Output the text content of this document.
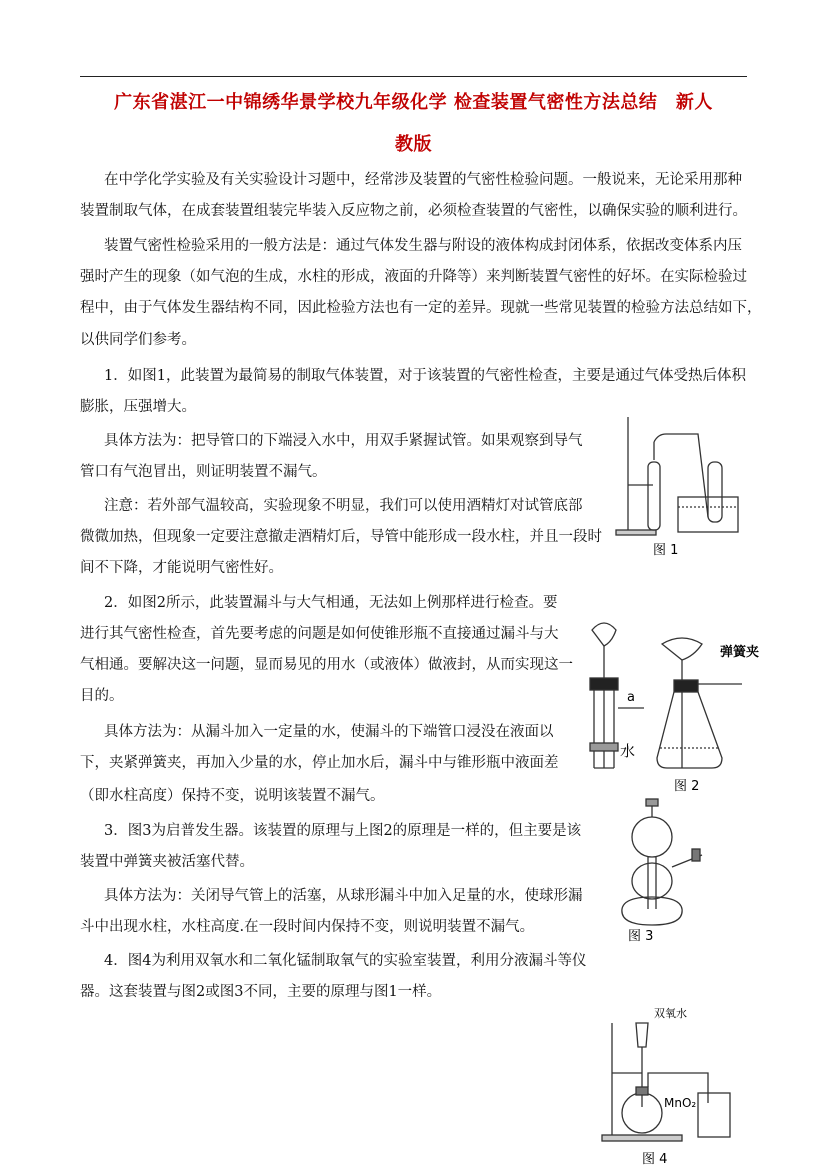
广东省湛江一中锦绣华景学校九年级化学 检查装置气密性方法总结　新人
教版

在中学化学实验及有关实验设计习题中，经常涉及装置的气密性检验问题。一般说来，无论采用那种

装置制取气体，在成套装置组装完毕装入反应物之前，必须检查装置的气密性，以确保实验的顺利进行。

装置气密性检验采用的一般方法是：通过气体发生器与附设的液体构成封闭体系，依据改变体系内压

强时产生的现象（如气泡的生成，水柱的形成，液面的升降等）来判断装置气密性的好坏。在实际检验过

程中，由于气体发生器结构不同，因此检验方法也有一定的差异。现就一些常见装置的检验方法总结如下，

以供同学们参考。

1．如图1，此装置为最简易的制取气体装置，对于该装置的气密性检查，主要是通过气体受热后体积

膨胀，压强增大。

具体方法为：把导管口的下端浸入水中，用双手紧握试管。如果观察到导气

管口有气泡冒出，则证明装置不漏气。

注意：若外部气温较高，实验现象不明显，我们可以使用酒精灯对试管底部

微微加热，但现象一定要注意撤走酒精灯后，导管中能形成一段水柱，并且一段时

间不下降，才能说明气密性好。

2．如图2所示，此装置漏斗与大气相通，无法如上例那样进行检查。要

进行其气密性检查，首先要考虑的问题是如何使锥形瓶不直接通过漏斗与大

气相通。要解决这一问题，显而易见的用水（或液体）做液封，从而实现这一

目的。

具体方法为：从漏斗加入一定量的水，使漏斗的下端管口浸没在液面以

下，夹紧弹簧夹，再加入少量的水，停止加水后，漏斗中与锥形瓶中液面差

（即水柱高度）保持不变，说明该装置不漏气。

3．图3为启普发生器。该装置的原理与上图2的原理是一样的，但主要是该

装置中弹簧夹被活塞代替。

具体方法为：关闭导气管上的活塞，从球形漏斗中加入足量的水，使球形漏

斗中出现水柱，水柱高度.在一段时间内保持不变，则说明装置不漏气。

4．图4为利用双氧水和二氧化锰制取氧气的实验室装置，利用分液漏斗等仪

器。这套装置与图2或图3不同，主要的原理与图1一样。

图 1
a
水
弹簧夹
图 2
图 3
双氧水
MnO₂
图 4
